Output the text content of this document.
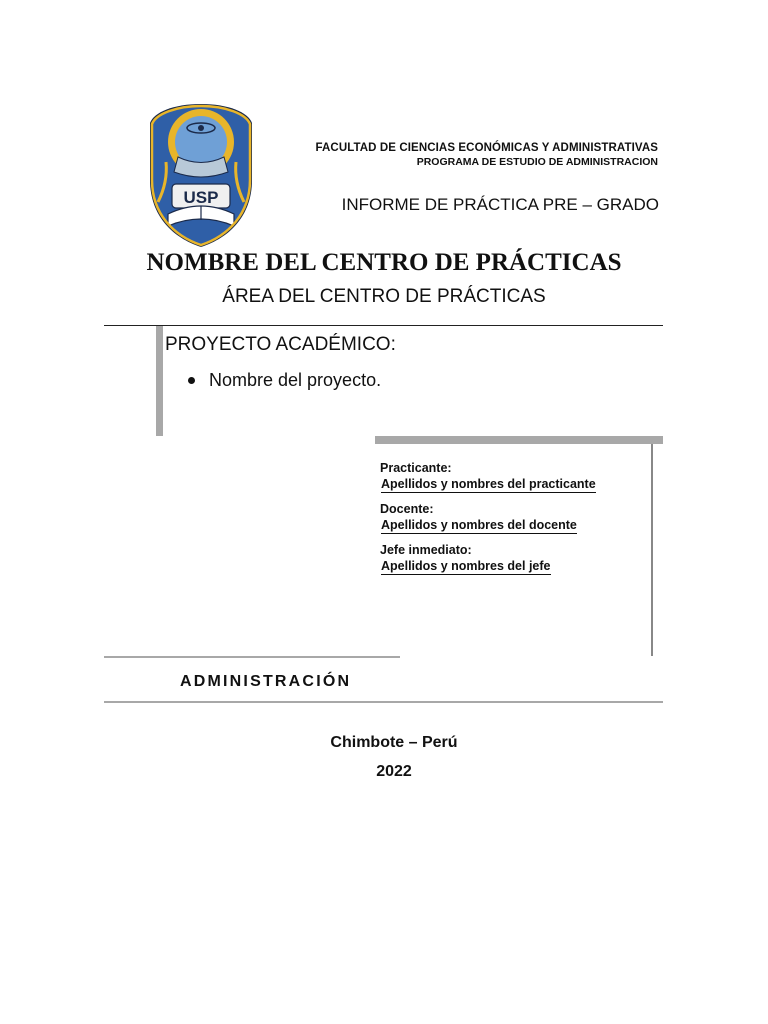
USP
FACULTAD DE CIENCIAS ECONÓMICAS Y ADMINISTRATIVAS
PROGRAMA DE ESTUDIO DE ADMINISTRACION
INFORME DE PRÁCTICA PRE – GRADO
NOMBRE DEL CENTRO DE PRÁCTICAS
ÁREA DEL CENTRO DE PRÁCTICAS
PROYECTO ACADÉMICO:
Nombre del proyecto.
Practicante:
Apellidos y nombres del practicante
Docente:
Apellidos y nombres del docente
Jefe inmediato:
Apellidos y nombres del jefe
ADMINISTRACIÓN
Chimbote – Perú
2022
